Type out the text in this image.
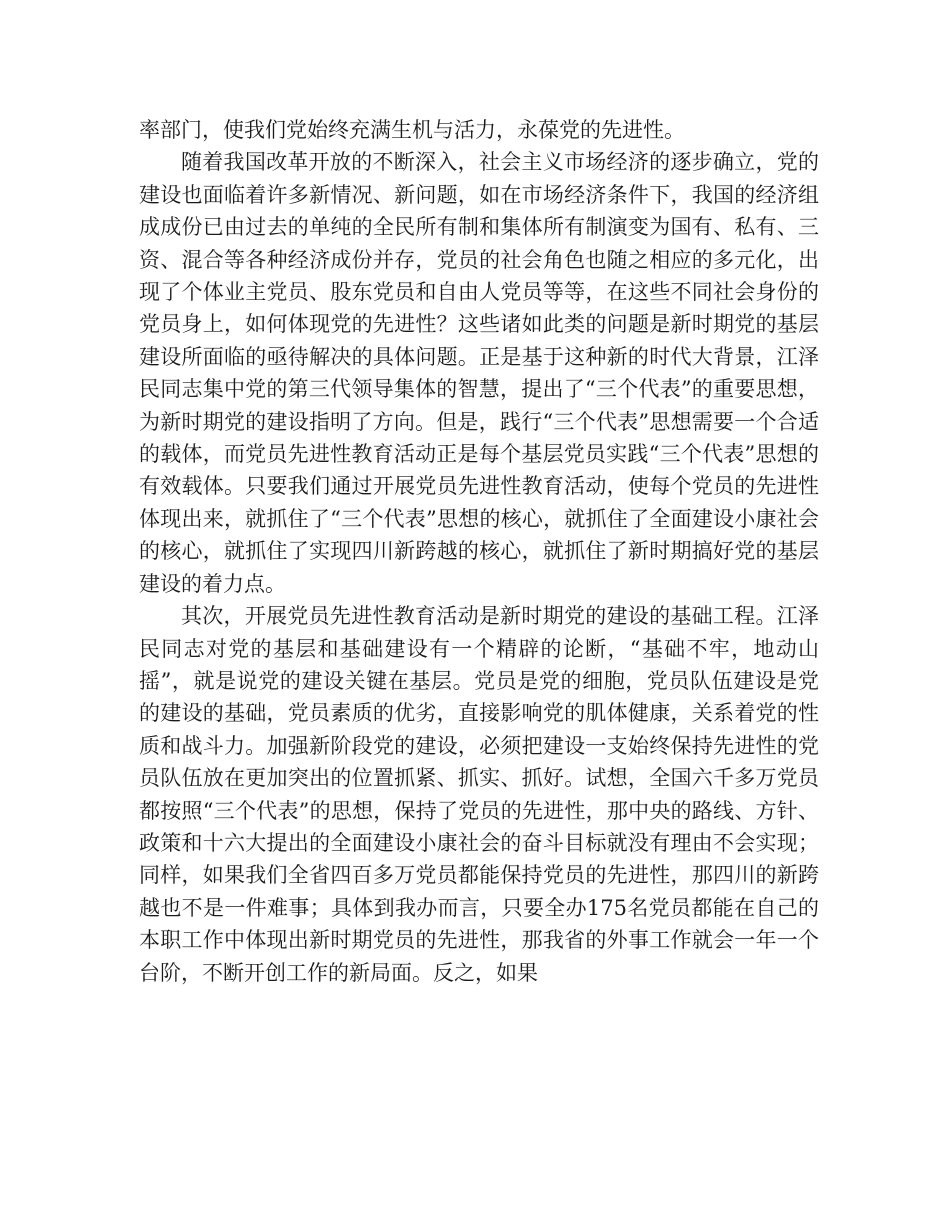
率部门，使我们党始终充满生机与活力，永葆党的先进性。

随着我国改革开放的不断深入，社会主义市场经济的逐步确立，党的建设也面临着许多新情况、新问题，如在市场经济条件下，我国的经济组成成份已由过去的单纯的全民所有制和集体所有制演变为国有、私有、三资、混合等各种经济成份并存，党员的社会角色也随之相应的多元化，出现了个体业主党员、股东党员和自由人党员等等，在这些不同社会身份的党员身上，如何体现党的先进性？这些诸如此类的问题是新时期党的基层建设所面临的亟待解决的具体问题。正是基于这种新的时代大背景，江泽民同志集中党的第三代领导集体的智慧，提出了“三个代表”的重要思想，为新时期党的建设指明了方向。但是，践行“三个代表”思想需要一个合适的载体，而党员先进性教育活动正是每个基层党员实践“三个代表”思想的有效载体。只要我们通过开展党员先进性教育活动，使每个党员的先进性体现出来，就抓住了“三个代表”思想的核心，就抓住了全面建设小康社会的核心，就抓住了实现四川新跨越的核心，就抓住了新时期搞好党的基层建设的着力点。

其次，开展党员先进性教育活动是新时期党的建设的基础工程。江泽民同志对党的基层和基础建设有一个精辟的论断，“基础不牢，地动山摇”，就是说党的建设关键在基层。党员是党的细胞，党员队伍建设是党的建设的基础，党员素质的优劣，直接影响党的肌体健康，关系着党的性质和战斗力。加强新阶段党的建设，必须把建设一支始终保持先进性的党员队伍放在更加突出的位置抓紧、抓实、抓好。试想，全国六千多万党员都按照“三个代表”的思想，保持了党员的先进性，那中央的路线、方针、政策和十六大提出的全面建设小康社会的奋斗目标就没有理由不会实现；同样，如果我们全省四百多万党员都能保持党员的先进性，那四川的新跨越也不是一件难事；具体到我办而言，只要全办175名党员都能在自己的本职工作中体现出新时期党员的先进性，那我省的外事工作就会一年一个台阶，不断开创工作的新局面。反之，如果
